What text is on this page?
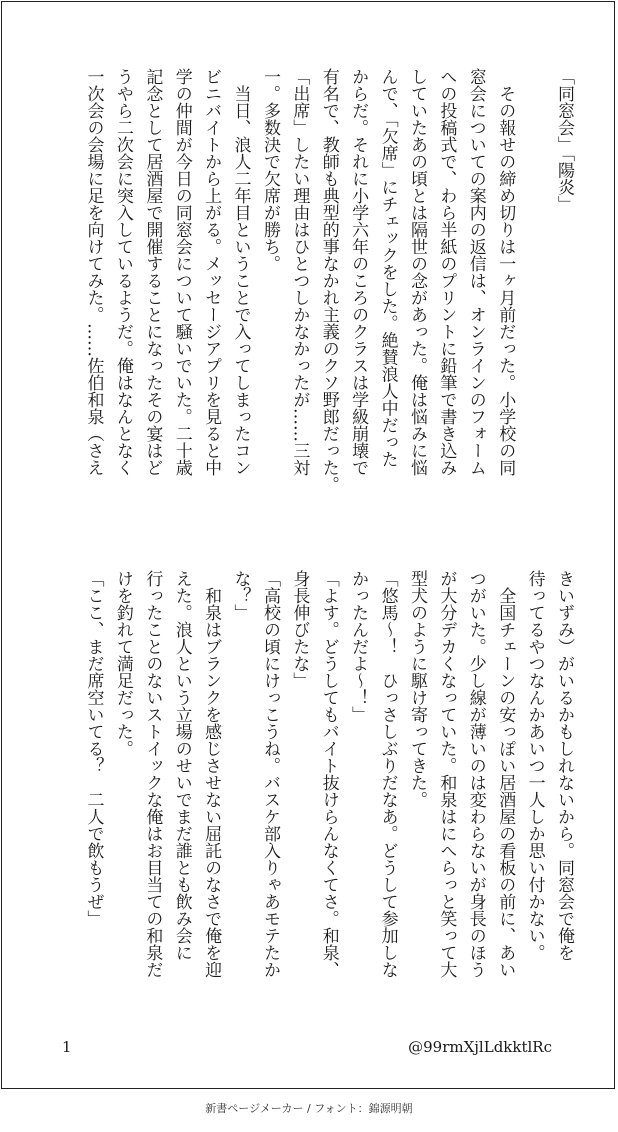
「同窓会」「陽炎」

　その報せの締め切りは一ヶ月前だった。小学校の同
窓会についての案内の返信は、オンラインのフォーム
への投稿式で、わら半紙のプリントに鉛筆で書き込み
していたあの頃とは隔世の念があった。俺は悩みに悩
んで、「欠席」にチェックをした。絶賛浪人中だった
からだ。それに小学六年のころのクラスは学級崩壊で
有名で、教師も典型的事なかれ主義のクソ野郎だった。
「出席」したい理由はひとつしかなかったが……三対
一。多数決で欠席が勝ち。
　当日、浪人二年目ということで入ってしまったコン
ビニバイトから上がる。メッセージアプリを見ると中
学の仲間が今日の同窓会について騒いでいた。二十歳
記念として居酒屋で開催することになったその宴はど
うやら二次会に突入しているようだ。俺はなんとなく
一次会の会場に足を向けてみた。……佐伯和泉（さえ
きいずみ）がいるかもしれないから。同窓会で俺を
待ってるやつなんかあいつ一人しか思い付かない。
　全国チェーンの安っぽい居酒屋の看板の前に、あい
つがいた。少し線が薄いのは変わらないが身長のほう
が大分デカくなっていた。和泉はにへらっと笑って大
型犬のように駆け寄ってきた。
「悠馬～！　ひっさしぶりだなあ。どうして参加しな
かったんだよ～！」
「よす。どうしてもバイト抜けらんなくてさ。和泉、
身長伸びたな」
「高校の頃にけっこうね。バスケ部入りゃあモテたか
な？」
　和泉はブランクを感じさせない屈託のなさで俺を迎
えた。浪人という立場のせいでまだ誰とも飲み会に
行ったことのないストイックな俺はお目当ての和泉だ
けを釣れて満足だった。
「ここ、まだ席空いてる？　二人で飲もうぜ」
1	@99rmXjlLdkktlRc
新書ページメーカー / フォント：錦源明朝
